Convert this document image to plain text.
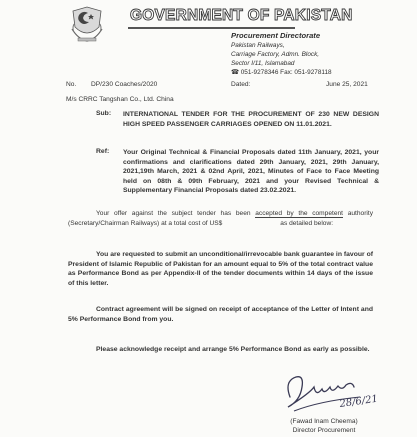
GOVERNMENT OF PAKISTAN
Procurement Directorate
Pakistan Railways,
Carriage Factory, Admn. Block,
Sector I/11, Islamabad
☎ 051-9278346 Fax: 051-9278118
No. DP/230 Coaches/2020	Dated:	June 25, 2021
M/s CRRC Tangshan Co., Ltd. China
Sub: INTERNATIONAL TENDER FOR THE PROCUREMENT OF 230 NEW DESIGN HIGH SPEED PASSENGER CARRIAGES OPENED ON 11.01.2021.
Ref: Your Original Technical & Financial Proposals dated 11th January, 2021, your confirmations and clarifications dated 29th January, 2021, 29th January, 2021,19th March, 2021 & 02nd April, 2021, Minutes of Face to Face Meeting held on 08th & 09th February, 2021 and your Revised Technical & Supplementary Financial Proposals dated 23.02.2021.
Your offer against the subject tender has been accepted by the competent authority (Secretary/Chairman Railways) at a total cost of US$	as detailed below:
You are requested to submit an unconditional/irrevocable bank guarantee in favour of President of Islamic Republic of Pakistan for an amount equal to 5% of the total contract value as Performance Bond as per Appendix-II of the tender documents within 14 days of the issue of this letter.
Contract agreement will be signed on receipt of acceptance of the Letter of Intent and 5% Performance Bond from you.
Please acknowledge receipt and arrange 5% Performance Bond as early as possible.
28/6/21
(Fawad Inam Cheema)
Director Procurement
